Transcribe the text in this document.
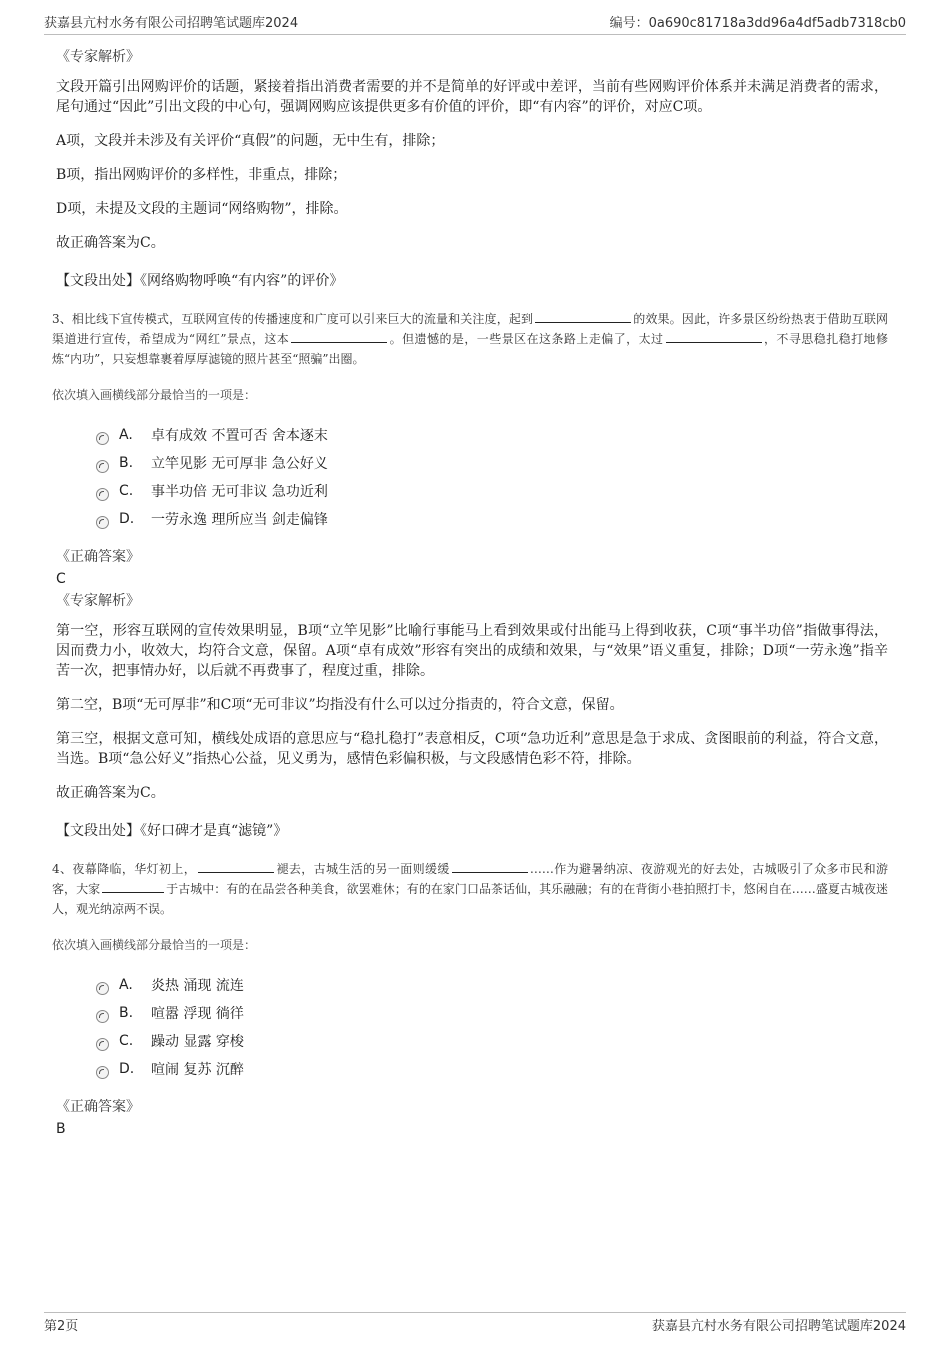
获嘉县亢村水务有限公司招聘笔试题库2024	编号：0a690c81718a3dd96a4df5adb7318cb0
《专家解析》

文段开篇引出网购评价的话题，紧接着指出消费者需要的并不是简单的好评或中差评，当前有些网购评价体系并未满足消费者的需求，尾句通过“因此”引出文段的中心句，强调网购应该提供更多有价值的评价，即“有内容”的评价，对应C项。

A项，文段并未涉及有关评价“真假”的问题，无中生有，排除；

B项，指出网购评价的多样性，非重点，排除；

D项，未提及文段的主题词“网络购物”，排除。

故正确答案为C。

【文段出处】《网络购物呼唤“有内容”的评价》

3、相比线下宣传模式，互联网宣传的传播速度和广度可以引来巨大的流量和关注度，起到	的效果。因此，许多景区纷纷热衷于借助互联网渠道进行宣传，希望成为“网红”景点，这本	。但遗憾的是，一些景区在这条路上走偏了，太过	，不寻思稳扎稳打地修炼“内功”，只妄想靠裹着厚厚滤镜的照片甚至“照骗”出圈。

依次填入画横线部分最恰当的一项是：

A.	卓有成效 不置可否 舍本逐末
B.	立竿见影 无可厚非 急公好义
C.	事半功倍 无可非议 急功近利
D.	一劳永逸 理所应当 剑走偏锋
《正确答案》

C

《专家解析》

第一空，形容互联网的宣传效果明显，B项“立竿见影”比喻行事能马上看到效果或付出能马上得到收获，C项“事半功倍”指做事得法，因而费力小，收效大，均符合文意，保留。A项“卓有成效”形容有突出的成绩和效果，与“效果”语义重复，排除；D项“一劳永逸”指辛苦一次，把事情办好，以后就不再费事了，程度过重，排除。

第二空，B项“无可厚非”和C项“无可非议”均指没有什么可以过分指责的，符合文意，保留。

第三空，根据文意可知，横线处成语的意思应与“稳扎稳打”表意相反，C项“急功近利”意思是急于求成、贪图眼前的利益，符合文意，当选。B项“急公好义”指热心公益，见义勇为，感情色彩偏积极，与文段感情色彩不符，排除。

故正确答案为C。

【文段出处】《好口碑才是真“滤镜”》

4、夜幕降临，华灯初上，	褪去，古城生活的另一面则缓缓	……作为避暑纳凉、夜游观光的好去处，古城吸引了众多市民和游客，大家	于古城中：有的在品尝各种美食，欲罢难休；有的在家门口品茶话仙，其乐融融；有的在背街小巷拍照打卡，悠闲自在……盛夏古城夜迷人，观光纳凉两不误。

依次填入画横线部分最恰当的一项是：

A.	炎热 涌现 流连
B.	喧嚣 浮现 徜徉
C.	躁动 显露 穿梭
D.	喧闹 复苏 沉醉
《正确答案》

B

第2页	获嘉县亢村水务有限公司招聘笔试题库2024
